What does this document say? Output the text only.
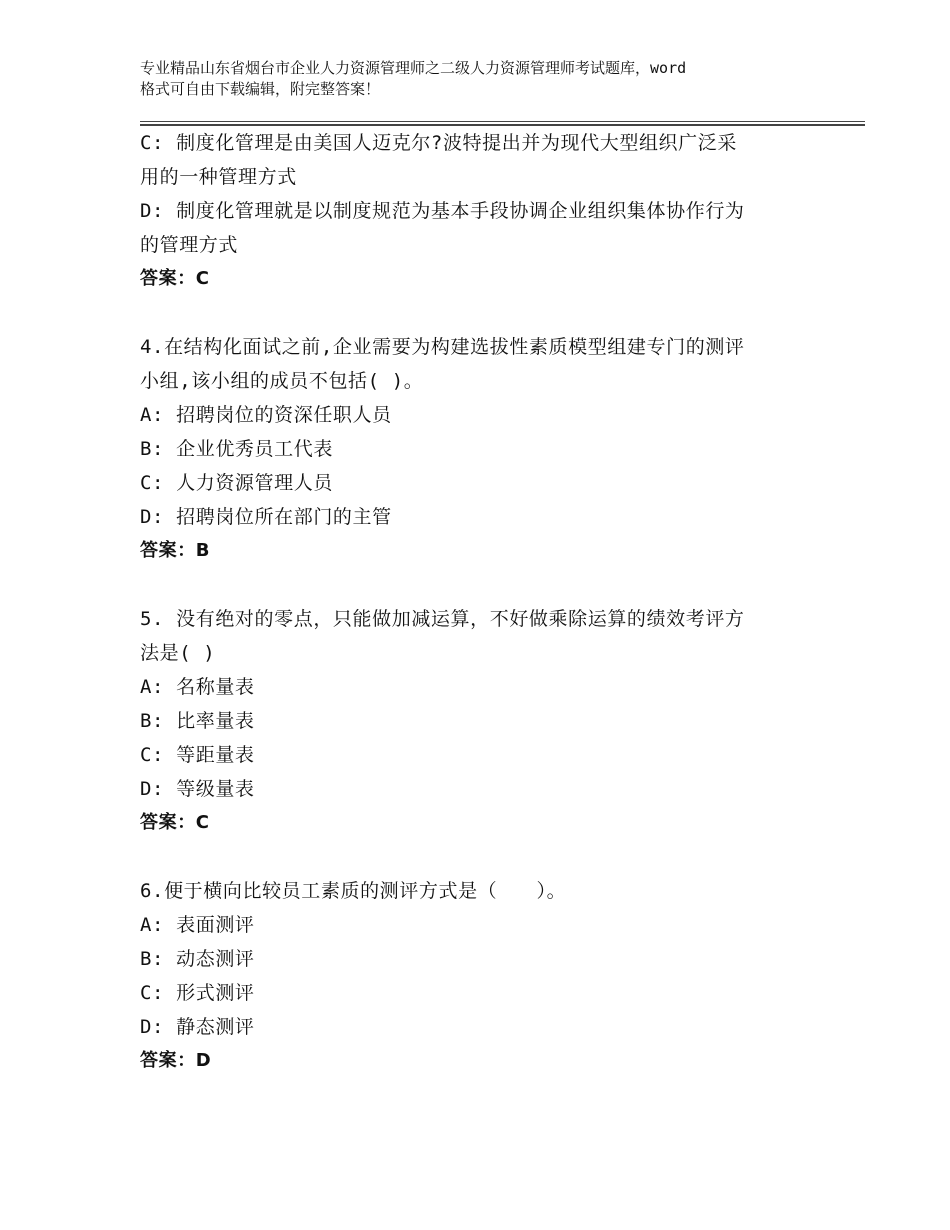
专业精品山东省烟台市企业人力资源管理师之二级人力资源管理师考试题库，word
格式可自由下载编辑，附完整答案！
C: 制度化管理是由美国人迈克尔?波特提出并为现代大型组织广泛采
用的一种管理方式
D: 制度化管理就是以制度规范为基本手段协调企业组织集体协作行为
的管理方式
答案：C
4.在结构化面试之前,企业需要为构建选拔性素质模型组建专门的测评
小组,该小组的成员不包括( )。
A: 招聘岗位的资深任职人员
B: 企业优秀员工代表
C: 人力资源管理人员
D: 招聘岗位所在部门的主管
答案：B
5. 没有绝对的零点，只能做加减运算，不好做乘除运算的绩效考评方
法是( )
A: 名称量表
B: 比率量表
C: 等距量表
D: 等级量表
答案：C
6.便于横向比较员工素质的测评方式是（　　）。
A: 表面测评
B: 动态测评
C: 形式测评
D: 静态测评
答案：D
